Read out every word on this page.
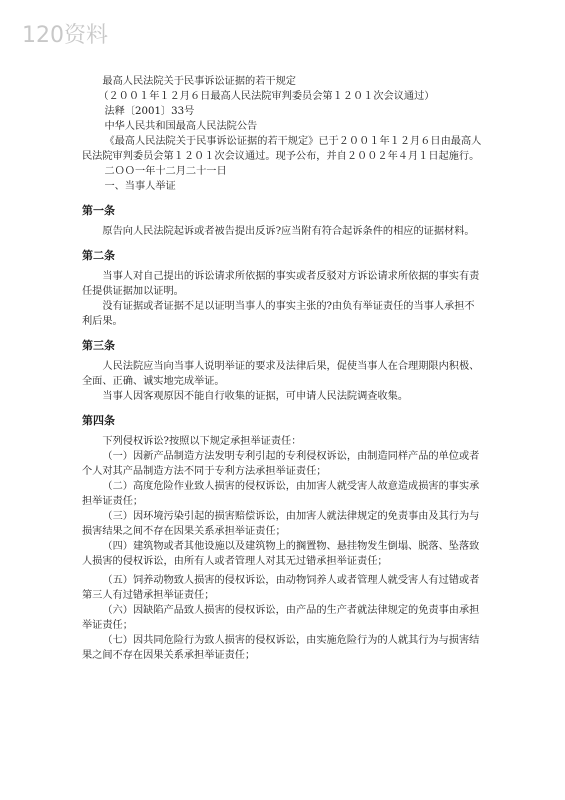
120资料

最高人民法院关于民事诉讼证据的若干规定

（２００１年１２月６日最高人民法院审判委员会第１２０１次会议通过）

法释〔2001〕33号

中华人民共和国最高人民法院公告

《最高人民法院关于民事诉讼证据的若干规定》已于２００１年１２月６日由最高人民法院审判委员会第１２０１次会议通过。现予公布，并自２００２年４月１日起施行。

二ＯＯ一年十二月二十一日

一、当事人举证

第一条

原告向人民法院起诉或者被告提出反诉?应当附有符合起诉条件的相应的证据材料。

第二条

当事人对自己提出的诉讼请求所依据的事实或者反驳对方诉讼请求所依据的事实有责任提供证据加以证明。

没有证据或者证据不足以证明当事人的事实主张的?由负有举证责任的当事人承担不利后果。

第三条

人民法院应当向当事人说明举证的要求及法律后果，促使当事人在合理期限内积极、全面、正确、诚实地完成举证。

当事人因客观原因不能自行收集的证据，可申请人民法院调查收集。

第四条

下列侵权诉讼?按照以下规定承担举证责任：

（一）因新产品制造方法发明专利引起的专利侵权诉讼，由制造同样产品的单位或者个人对其产品制造方法不同于专利方法承担举证责任；

（二）高度危险作业致人损害的侵权诉讼，由加害人就受害人故意造成损害的事实承担举证责任；

（三）因环境污染引起的损害赔偿诉讼，由加害人就法律规定的免责事由及其行为与损害结果之间不存在因果关系承担举证责任；

（四）建筑物或者其他设施以及建筑物上的搁置物、悬挂物发生倒塌、脱落、坠落致人损害的侵权诉讼，由所有人或者管理人对其无过错承担举证责任；

（五）饲养动物致人损害的侵权诉讼，由动物饲养人或者管理人就受害人有过错或者第三人有过错承担举证责任；

（六）因缺陷产品致人损害的侵权诉讼，由产品的生产者就法律规定的免责事由承担举证责任；

（七）因共同危险行为致人损害的侵权诉讼，由实施危险行为的人就其行为与损害结果之间不存在因果关系承担举证责任；
